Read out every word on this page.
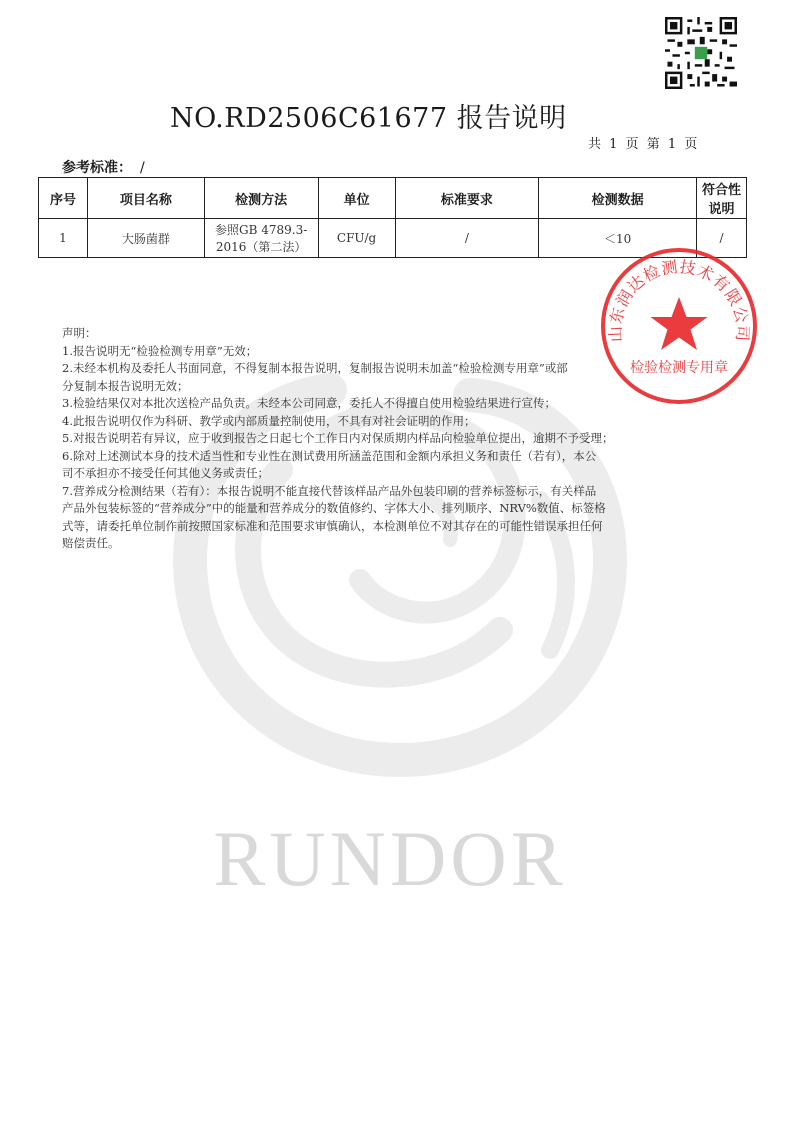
RUNDOR
NO.RD2506C61677 报告说明
共 1 页 第 1 页
参考标准： /
序号	项目名称	检测方法	单位	标准要求	检测数据	符合性
说明
1	大肠菌群	参照GB 4789.3-
2016（第二法）	CFU/g	/	＜10	/
山东润达检测技术有限公司
检验检测专用章

声明：

1.报告说明无“检验检测专用章”无效；

2.未经本机构及委托人书面同意，不得复制本报告说明，复制报告说明未加盖“检验检测专用章”或部

分复制本报告说明无效；

3.检验结果仅对本批次送检产品负责。未经本公司同意，委托人不得擅自使用检验结果进行宣传；

4.此报告说明仅作为科研、教学或内部质量控制使用，不具有对社会证明的作用；

5.对报告说明若有异议，应于收到报告之日起七个工作日内对保质期内样品向检验单位提出，逾期不予受理；

6.除对上述测试本身的技术适当性和专业性在测试费用所涵盖范围和金额内承担义务和责任（若有），本公

司不承担亦不接受任何其他义务或责任；

7.营养成分检测结果（若有）：本报告说明不能直接代替该样品产品外包装印刷的营养标签标示，有关样品

产品外包装标签的“营养成分”中的能量和营养成分的数值修约、字体大小、排列顺序、NRV%数值、标签格

式等，请委托单位制作前按照国家标准和范围要求审慎确认，本检测单位不对其存在的可能性错误承担任何

赔偿责任。
